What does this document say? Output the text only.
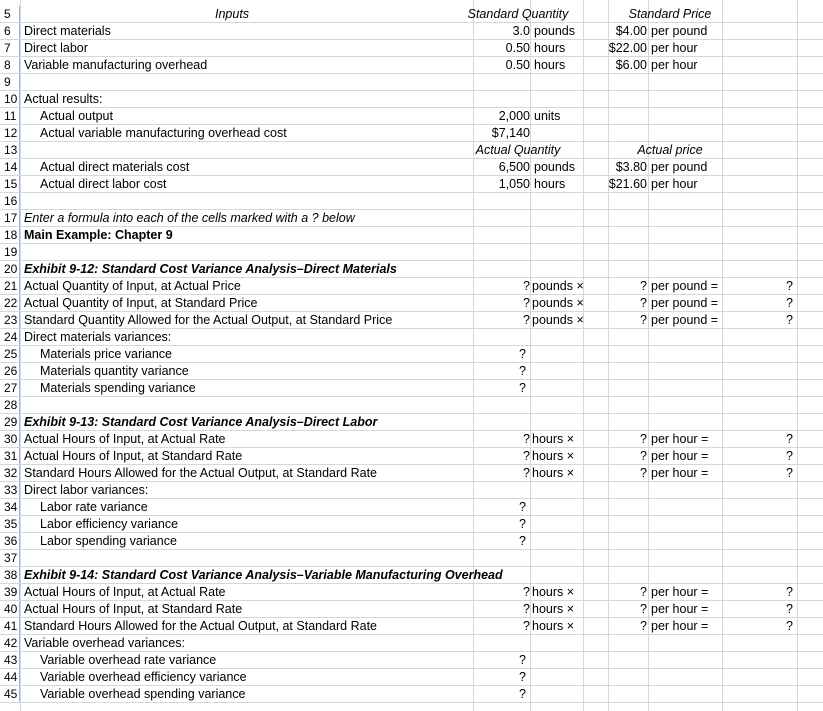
5	Inputs	Standard Quantity	Standard Price
6	Direct materials	3.0 pounds	$4.00 per pound
7	Direct labor	0.50 hours	$22.00 per hour
8	Variable manufacturing overhead	0.50 hours	$6.00 per hour
9
10 Actual results:
11 Actual output	2,000 units
12 Actual variable manufacturing overhead cost	$7,140
13	Actual Quantity	Actual price
14 Actual direct materials cost	6,500 pounds	$3.80 per pound
15 Actual direct labor cost	1,050 hours	$21.60 per hour
16
17 Enter a formula into each of the cells marked with a ? below
18 Main Example: Chapter 9
19
20 Exhibit 9-12: Standard Cost Variance Analysis–Direct Materials
21 Actual Quantity of Input, at Actual Price	? pounds ×	? per pound =	?
22 Actual Quantity of Input, at Standard Price	? pounds ×	? per pound =	?
23 Standard Quantity Allowed for the Actual Output, at Standard Price	? pounds ×	? per pound =	?
24 Direct materials variances:
25 Materials price variance	?
26 Materials quantity variance	?
27 Materials spending variance	?
28
29 Exhibit 9-13: Standard Cost Variance Analysis–Direct Labor
30 Actual Hours of Input, at Actual Rate	? hours ×	? per hour =	?
31 Actual Hours of Input, at Standard Rate	? hours ×	? per hour =	?
32 Standard Hours Allowed for the Actual Output, at Standard Rate	? hours ×	? per hour =	?
33 Direct labor variances:
34 Labor rate variance	?
35 Labor efficiency variance	?
36 Labor spending variance	?
37
38 Exhibit 9-14: Standard Cost Variance Analysis–Variable Manufacturing Overhead
39 Actual Hours of Input, at Actual Rate	? hours ×	? per hour =	?
40 Actual Hours of Input, at Standard Rate	? hours ×	? per hour =	?
41 Standard Hours Allowed for the Actual Output, at Standard Rate	? hours ×	? per hour =	?
42 Variable overhead variances:
43 Variable overhead rate variance	?
44 Variable overhead efficiency variance	?
45 Variable overhead spending variance	?
